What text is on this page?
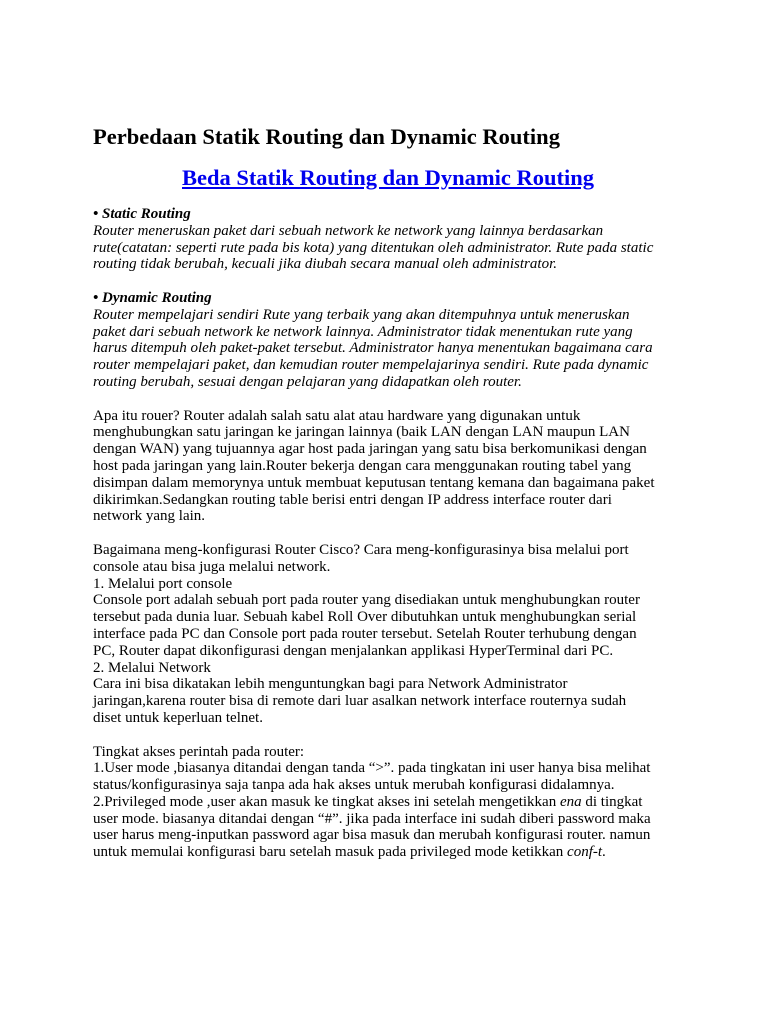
Perbedaan Statik Routing dan Dynamic Routing
Beda Statik Routing dan Dynamic Routing

• Static Routing

Router meneruskan paket dari sebuah network ke network yang lainnya berdasarkan

rute(catatan: seperti rute pada bis kota) yang ditentukan oleh administrator. Rute pada static

routing tidak berubah, kecuali jika diubah secara manual oleh administrator.

• Dynamic Routing

Router mempelajari sendiri Rute yang terbaik yang akan ditempuhnya untuk meneruskan

paket dari sebuah network ke network lainnya. Administrator tidak menentukan rute yang

harus ditempuh oleh paket-paket tersebut. Administrator hanya menentukan bagaimana cara

router mempelajari paket, dan kemudian router mempelajarinya sendiri. Rute pada dynamic

routing berubah, sesuai dengan pelajaran yang didapatkan oleh router.

Apa itu rouer? Router adalah salah satu alat atau hardware yang digunakan untuk

menghubungkan satu jaringan ke jaringan lainnya (baik LAN dengan LAN maupun LAN

dengan WAN) yang tujuannya agar host pada jaringan yang satu bisa berkomunikasi dengan

host pada jaringan yang lain.Router bekerja dengan cara menggunakan routing tabel yang

disimpan dalam memorynya untuk membuat keputusan tentang kemana dan bagaimana paket

dikirimkan.Sedangkan routing table berisi entri dengan IP address interface router dari

network yang lain.

Bagaimana meng-konfigurasi Router Cisco? Cara meng-konfigurasinya bisa melalui port

console atau bisa juga melalui network.

1. Melalui port console

Console port adalah sebuah port pada router yang disediakan untuk menghubungkan router

tersebut pada dunia luar. Sebuah kabel Roll Over dibutuhkan untuk menghubungkan serial

interface pada PC dan Console port pada router tersebut. Setelah Router terhubung dengan

PC, Router dapat dikonfigurasi dengan menjalankan applikasi HyperTerminal dari PC.

2. Melalui Network

Cara ini bisa dikatakan lebih menguntungkan bagi para Network Administrator

jaringan,karena router bisa di remote dari luar asalkan network interface routernya sudah

diset untuk keperluan telnet.

Tingkat akses perintah pada router:

1.User mode ,biasanya ditandai dengan tanda “>”. pada tingkatan ini user hanya bisa melihat

status/konfigurasinya saja tanpa ada hak akses untuk merubah konfigurasi didalamnya.

2.Privileged mode ,user akan masuk ke tingkat akses ini setelah mengetikkan ena di tingkat

user mode. biasanya ditandai dengan “#”. jika pada interface ini sudah diberi password maka

user harus meng-inputkan password agar bisa masuk dan merubah konfigurasi router. namun

untuk memulai konfigurasi baru setelah masuk pada privileged mode ketikkan conf-t.
